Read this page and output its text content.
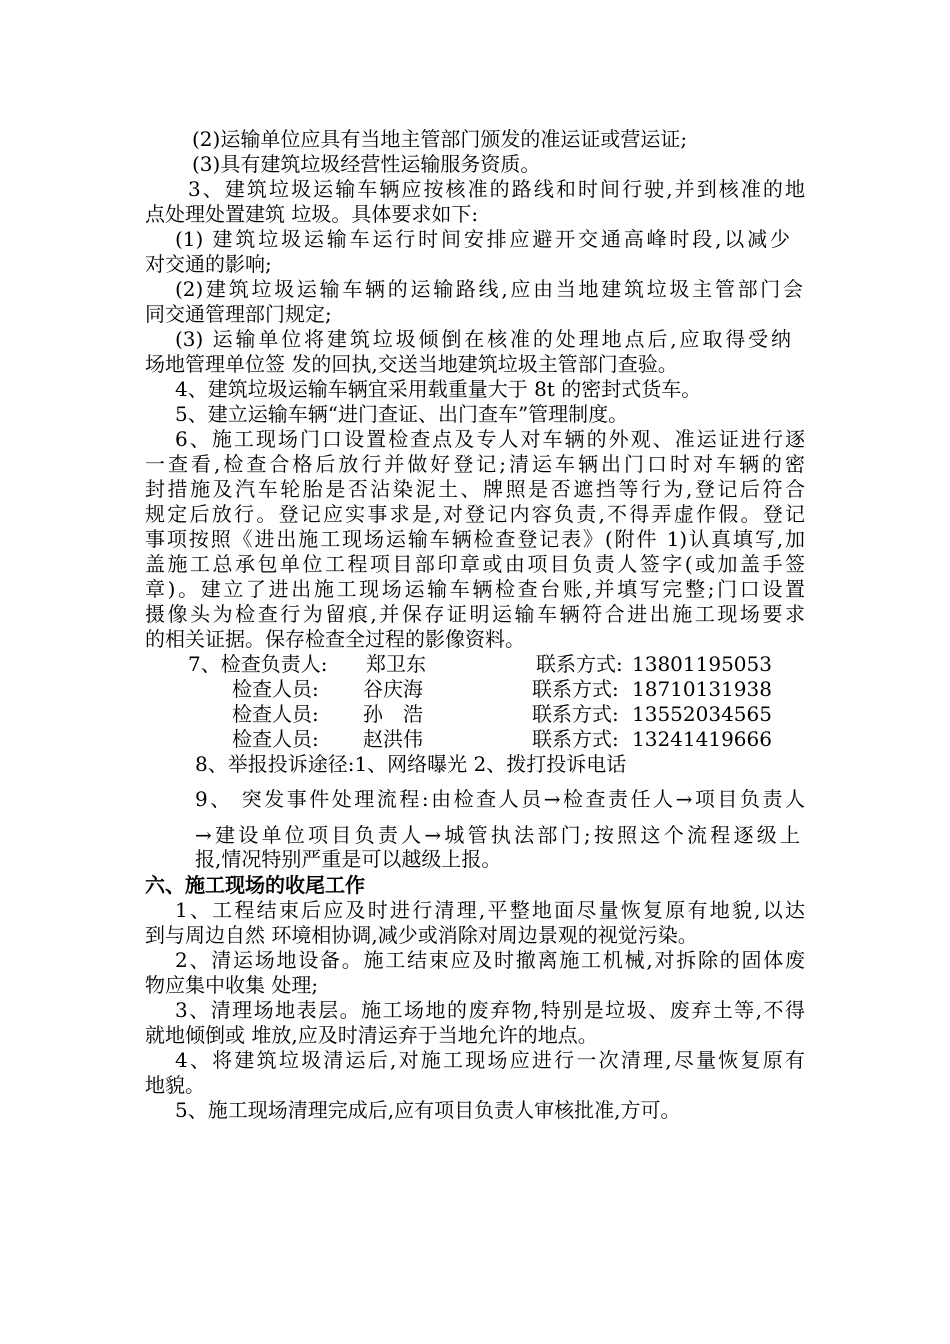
(2)运输单位应具有当地主管部门颁发的准运证或营运证;
(3)具有建筑垃圾经营性运输服务资质。
3、建筑垃圾运输车辆应按核准的路线和时间行驶,并到核准的地
点处理处置建筑 垃圾。具体要求如下:
(1) 建筑垃圾运输车运行时间安排应避开交通高峰时段,以减少
对交通的影响;
(2)建筑垃圾运输车辆的运输路线,应由当地建筑垃圾主管部门会
同交通管理部门规定;
(3) 运输单位将建筑垃圾倾倒在核准的处理地点后,应取得受纳
场地管理单位签 发的回执,交送当地建筑垃圾主管部门查验。
4、建筑垃圾运输车辆宜采用载重量大于 8t 的密封式货车。
5、建立运输车辆“进门查证、出门查车”管理制度。
6、施工现场门口设置检查点及专人对车辆的外观、准运证进行逐
一查看,检查合格后放行并做好登记;清运车辆出门口时对车辆的密
封措施及汽车轮胎是否沾染泥土、牌照是否遮挡等行为,登记后符合
规定后放行。登记应实事求是,对登记内容负责,不得弄虚作假。登记
事项按照《进出施工现场运输车辆检查登记表》(附件 1)认真填写,加
盖施工总承包单位工程项目部印章或由项目负责人签字(或加盖手签
章)。建立了进出施工现场运输车辆检查台账,并填写完整;门口设置
摄像头为检查行为留痕,并保存证明运输车辆符合进出施工现场要求
的相关证据。保存检查全过程的影像资料。
7、检查负责人: 郑卫东	联系方式: 13801195053
检查人员: 谷庆海	联系方式: 18710131938
检查人员: 孙　浩	联系方式: 13552034565
检查人员: 赵洪伟	联系方式: 13241419666
8、举报投诉途径:1、网络曝光 2、拨打投诉电话
9、 突发事件处理流程:由检查人员→检查责任人→项目负责人
→建设单位项目负责人→城管执法部门;按照这个流程逐级上
报,情况特别严重是可以越级上报。
六、施工现场的收尾工作
1、工程结束后应及时进行清理,平整地面尽量恢复原有地貌,以达
到与周边自然 环境相协调,减少或消除对周边景观的视觉污染。
2、清运场地设备。施工结束应及时撤离施工机械,对拆除的固体废
物应集中收集 处理;
3、清理场地表层。施工场地的废弃物,特别是垃圾、废弃土等,不得
就地倾倒或 堆放,应及时清运弃于当地允许的地点。
4、将建筑垃圾清运后,对施工现场应进行一次清理,尽量恢复原有
地貌。
5、施工现场清理完成后,应有项目负责人审核批准,方可。
